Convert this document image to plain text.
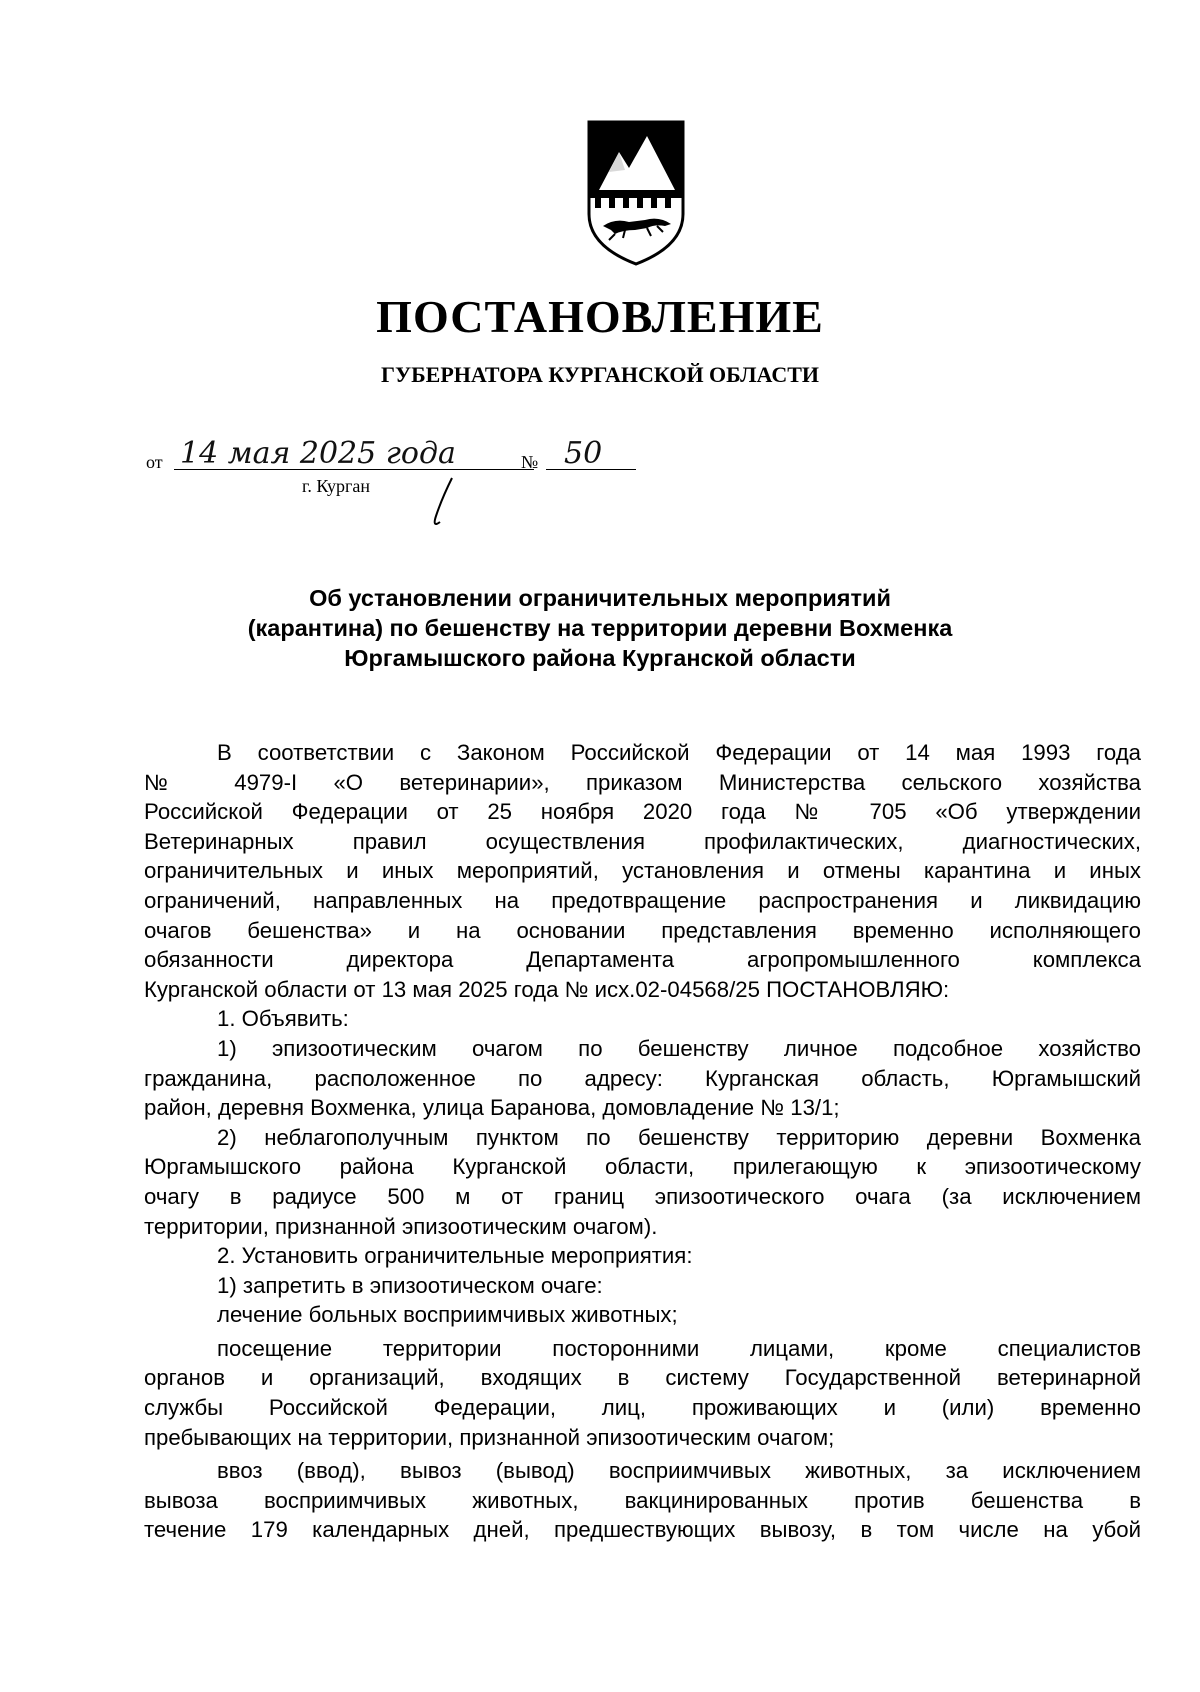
ПОСТАНОВЛЕНИЕ
ГУБЕРНАТОРА КУРГАНСКОЙ ОБЛАСТИ
от 14 мая 2025 года	№ 50
г. Курган
Об установлении ограничительных мероприятий
(карантина) по бешенству на территории деревни Вохменка
Юргамышского района Курганской области

В соответствии с Законом Российской Федерации от 14 мая 1993 года

№ 4979-I «О ветеринарии», приказом Министерства сельского хозяйства

Российской Федерации от 25 ноября 2020 года № 705 «Об утверждении

Ветеринарных правил осуществления профилактических, диагностических,

ограничительных и иных мероприятий, установления и отмены карантина и иных

ограничений, направленных на предотвращение распространения и ликвидацию

очагов бешенства» и на основании представления временно исполняющего

обязанности директора Департамента агропромышленного комплекса

Курганской области от 13 мая 2025 года № исх.02-04568/25 ПОСТАНОВЛЯЮ:

1. Объявить:

1) эпизоотическим очагом по бешенству личное подсобное хозяйство

гражданина, расположенное по адресу: Курганская область, Юргамышский

район, деревня Вохменка, улица Баранова, домовладение № 13/1;

2) неблагополучным пунктом по бешенству территорию деревни Вохменка

Юргамышского района Курганской области, прилегающую к эпизоотическому

очагу в радиусе 500 м от границ эпизоотического очага (за исключением

территории, признанной эпизоотическим очагом).

2. Установить ограничительные мероприятия:

1) запретить в эпизоотическом очаге:

лечение больных восприимчивых животных;

посещение территории посторонними лицами, кроме специалистов

органов и организаций, входящих в систему Государственной ветеринарной

службы Российской Федерации, лиц, проживающих и (или) временно

пребывающих на территории, признанной эпизоотическим очагом;

ввоз (ввод), вывоз (вывод) восприимчивых животных, за исключением

вывоза восприимчивых животных, вакцинированных против бешенства в

течение 179 календарных дней, предшествующих вывозу, в том числе на убой
